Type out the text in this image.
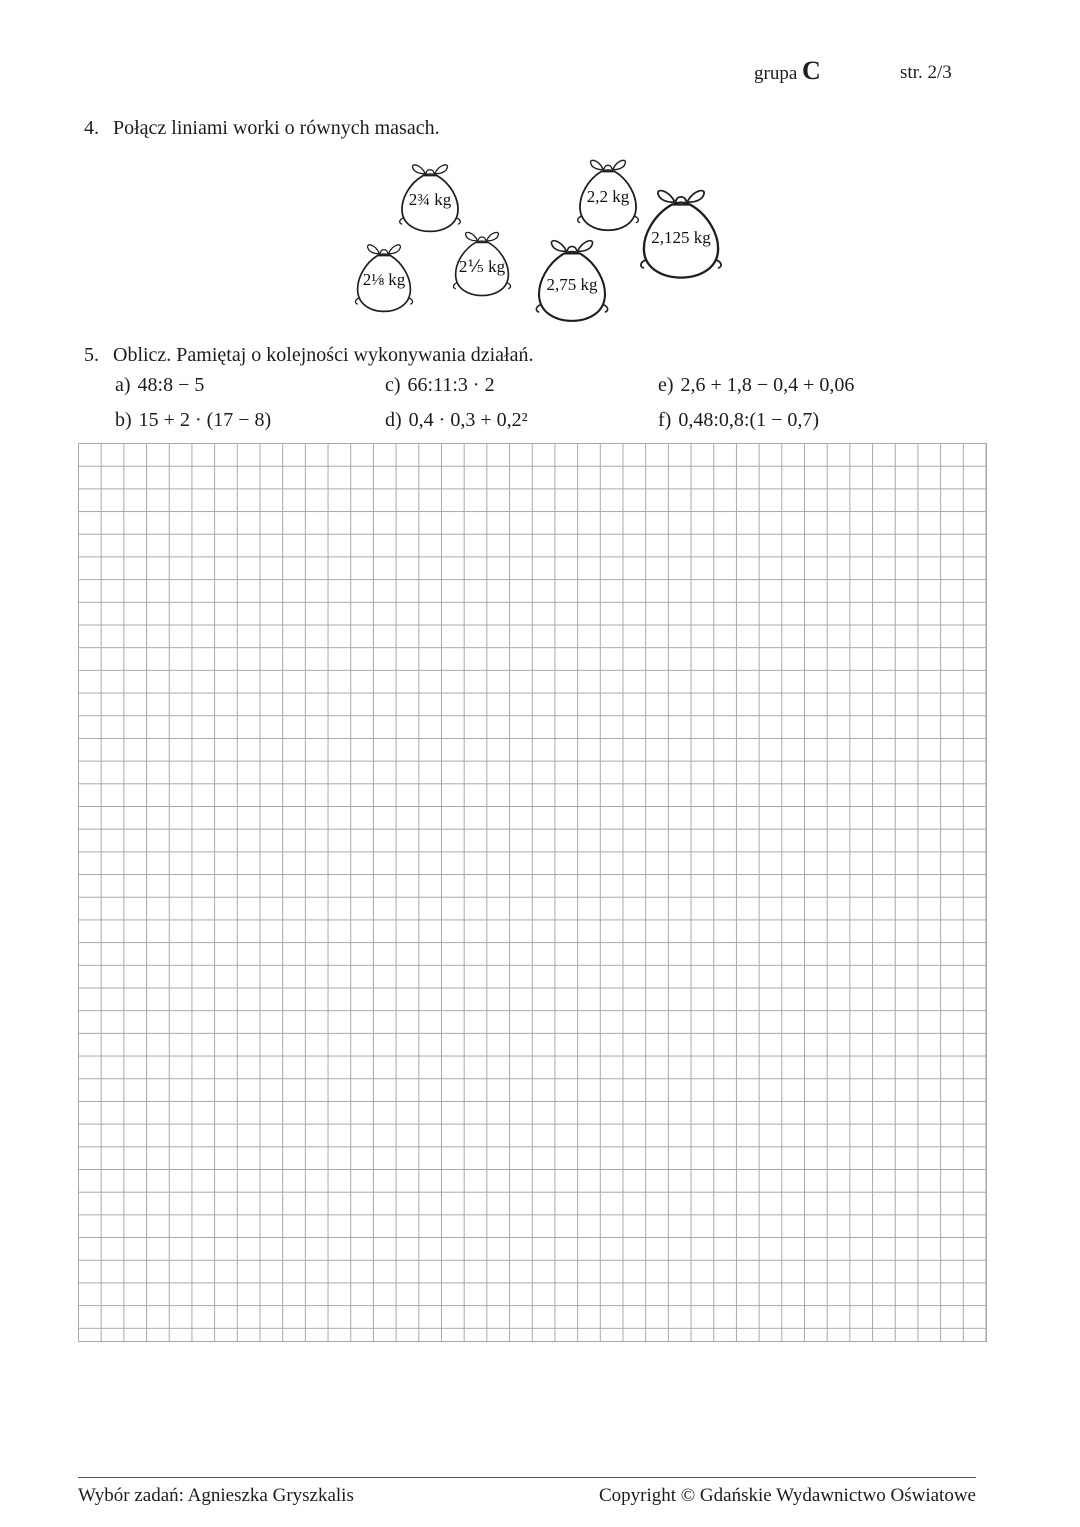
grupa C	str. 2/3
4. Połącz liniami worki o równych masach.
2¾ kg	2,2 kg
2,125 kg
2⅛ kg
2⅕ kg
2,75 kg
5. Oblicz. Pamiętaj o kolejności wykonywania działań.
a) 48:8 − 5
b) 15 + 2 · (17 − 8)
c) 66:11:3 · 2
d) 0,4 · 0,3 + 0,2²
e) 2,6 + 1,8 − 0,4 + 0,06
f) 0,48:0,8:(1 − 0,7)
Wybór zadań: Agnieszka Gryszkalis	Copyright © Gdańskie Wydawnictwo Oświatowe
